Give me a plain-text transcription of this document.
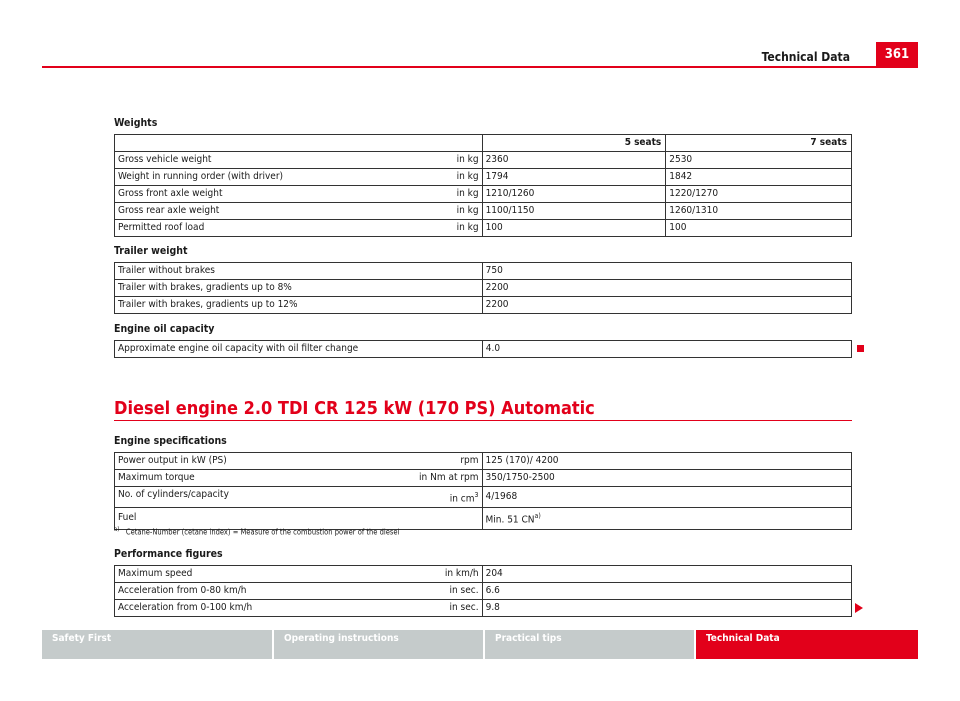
Technical Data	361
Weights
	5 seats	7 seats
Gross vehicle weight in kg	2360	2530
Weight in running order (with driver) in kg	1794	1842
Gross front axle weight in kg	1210/1260	1220/1270
Gross rear axle weight in kg	1100/1150	1260/1310
Permitted roof load in kg	100	100
Trailer weight
Trailer without brakes	750
Trailer with brakes, gradients up to 8%	2200
Trailer with brakes, gradients up to 12%	2200
Engine oil capacity
Approximate engine oil capacity with oil filter change	4.0
Diesel engine 2.0 TDI CR 125 kW (170 PS) Automatic
Engine specifications
Power output in kW (PS) rpm	125 (170)/ 4200
Maximum torque in Nm at rpm	350/1750-2500
No. of cylinders/capacity in $cm^3$	4/1968
Fuel	Min. 51 CN$^{a)}$
$^{a)}$ Cetane-Number (cetane index) = Measure of the combustion power of the diesel
Performance figures
Maximum speed in km/h	204
Acceleration from 0-80 km/h in sec.	6.6
Acceleration from 0-100 km/h in sec.	9.8
Safety First	Operating instructions	Practical tips	Technical Data
